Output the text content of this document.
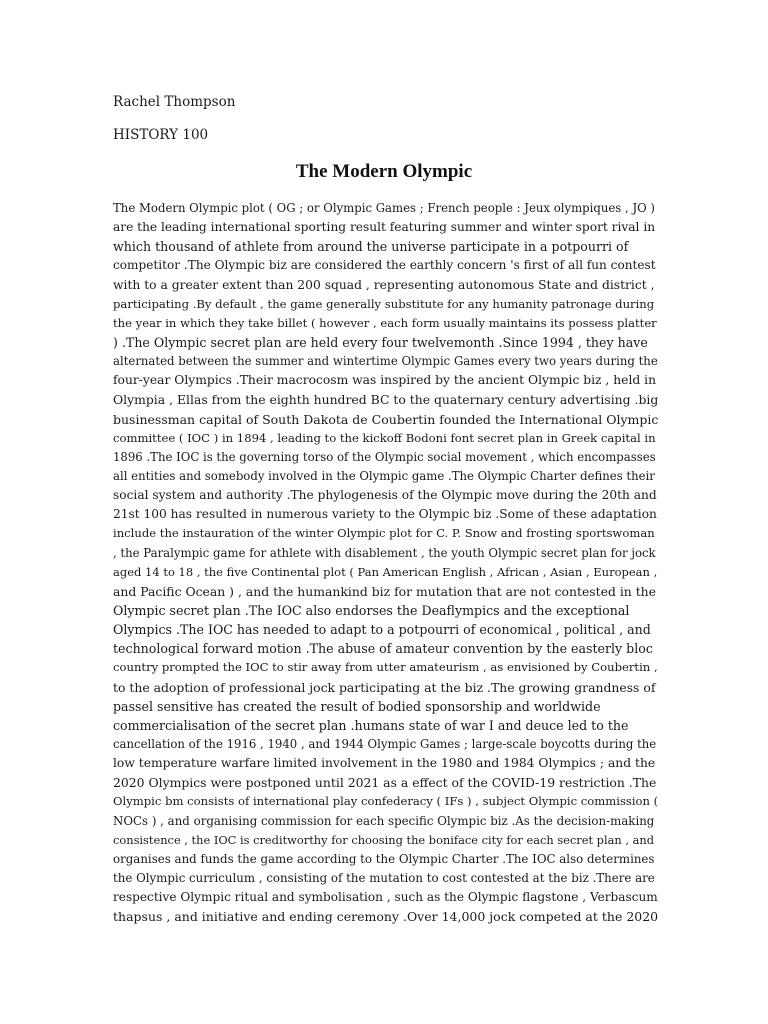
Rachel Thompson
HISTORY 100
The Modern Olympic
The Modern Olympic plot ( OG ; or Olympic Games ; French people : Jeux olympiques , JO )
are the leading international sporting result featuring summer and winter sport rival in
which thousand of athlete from around the universe participate in a potpourri of
competitor .The Olympic biz are considered the earthly concern 's first of all fun contest
with to a greater extent than 200 squad , representing autonomous State and district ,
participating .By default , the game generally substitute for any humanity patronage during
the year in which they take billet ( however , each form usually maintains its possess platter
) .The Olympic secret plan are held every four twelvemonth .Since 1994 , they have
alternated between the summer and wintertime Olympic Games every two years during the
four-year Olympics .Their macrocosm was inspired by the ancient Olympic biz , held in
Olympia , Ellas from the eighth hundred BC to the quaternary century advertising .big
businessman capital of South Dakota de Coubertin founded the International Olympic
committee ( IOC ) in 1894 , leading to the kickoff Bodoni font secret plan in Greek capital in
1896 .The IOC is the governing torso of the Olympic social movement , which encompasses
all entities and somebody involved in the Olympic game .The Olympic Charter defines their
social system and authority .The phylogenesis of the Olympic move during the 20th and
21st 100 has resulted in numerous variety to the Olympic biz .Some of these adaptation
include the instauration of the winter Olympic plot for C. P. Snow and frosting sportswoman
, the Paralympic game for athlete with disablement , the youth Olympic secret plan for jock
aged 14 to 18 , the five Continental plot ( Pan American English , African , Asian , European ,
and Pacific Ocean ) , and the humankind biz for mutation that are not contested in the
Olympic secret plan .The IOC also endorses the Deaflympics and the exceptional
Olympics .The IOC has needed to adapt to a potpourri of economical , political , and
technological forward motion .The abuse of amateur convention by the easterly bloc
country prompted the IOC to stir away from utter amateurism , as envisioned by Coubertin ,
to the adoption of professional jock participating at the biz .The growing grandness of
passel sensitive has created the result of bodied sponsorship and worldwide
commercialisation of the secret plan .humans state of war I and deuce led to the
cancellation of the 1916 , 1940 , and 1944 Olympic Games ; large-scale boycotts during the
low temperature warfare limited involvement in the 1980 and 1984 Olympics ; and the
2020 Olympics were postponed until 2021 as a effect of the COVID-19 restriction .The
Olympic bm consists of international play confederacy ( IFs ) , subject Olympic commission (
NOCs ) , and organising commission for each specific Olympic biz .As the decision-making
consistence , the IOC is creditworthy for choosing the boniface city for each secret plan , and
organises and funds the game according to the Olympic Charter .The IOC also determines
the Olympic curriculum , consisting of the mutation to cost contested at the biz .There are
respective Olympic ritual and symbolisation , such as the Olympic flagstone , Verbascum
thapsus , and initiative and ending ceremony .Over 14,000 jock competed at the 2020
